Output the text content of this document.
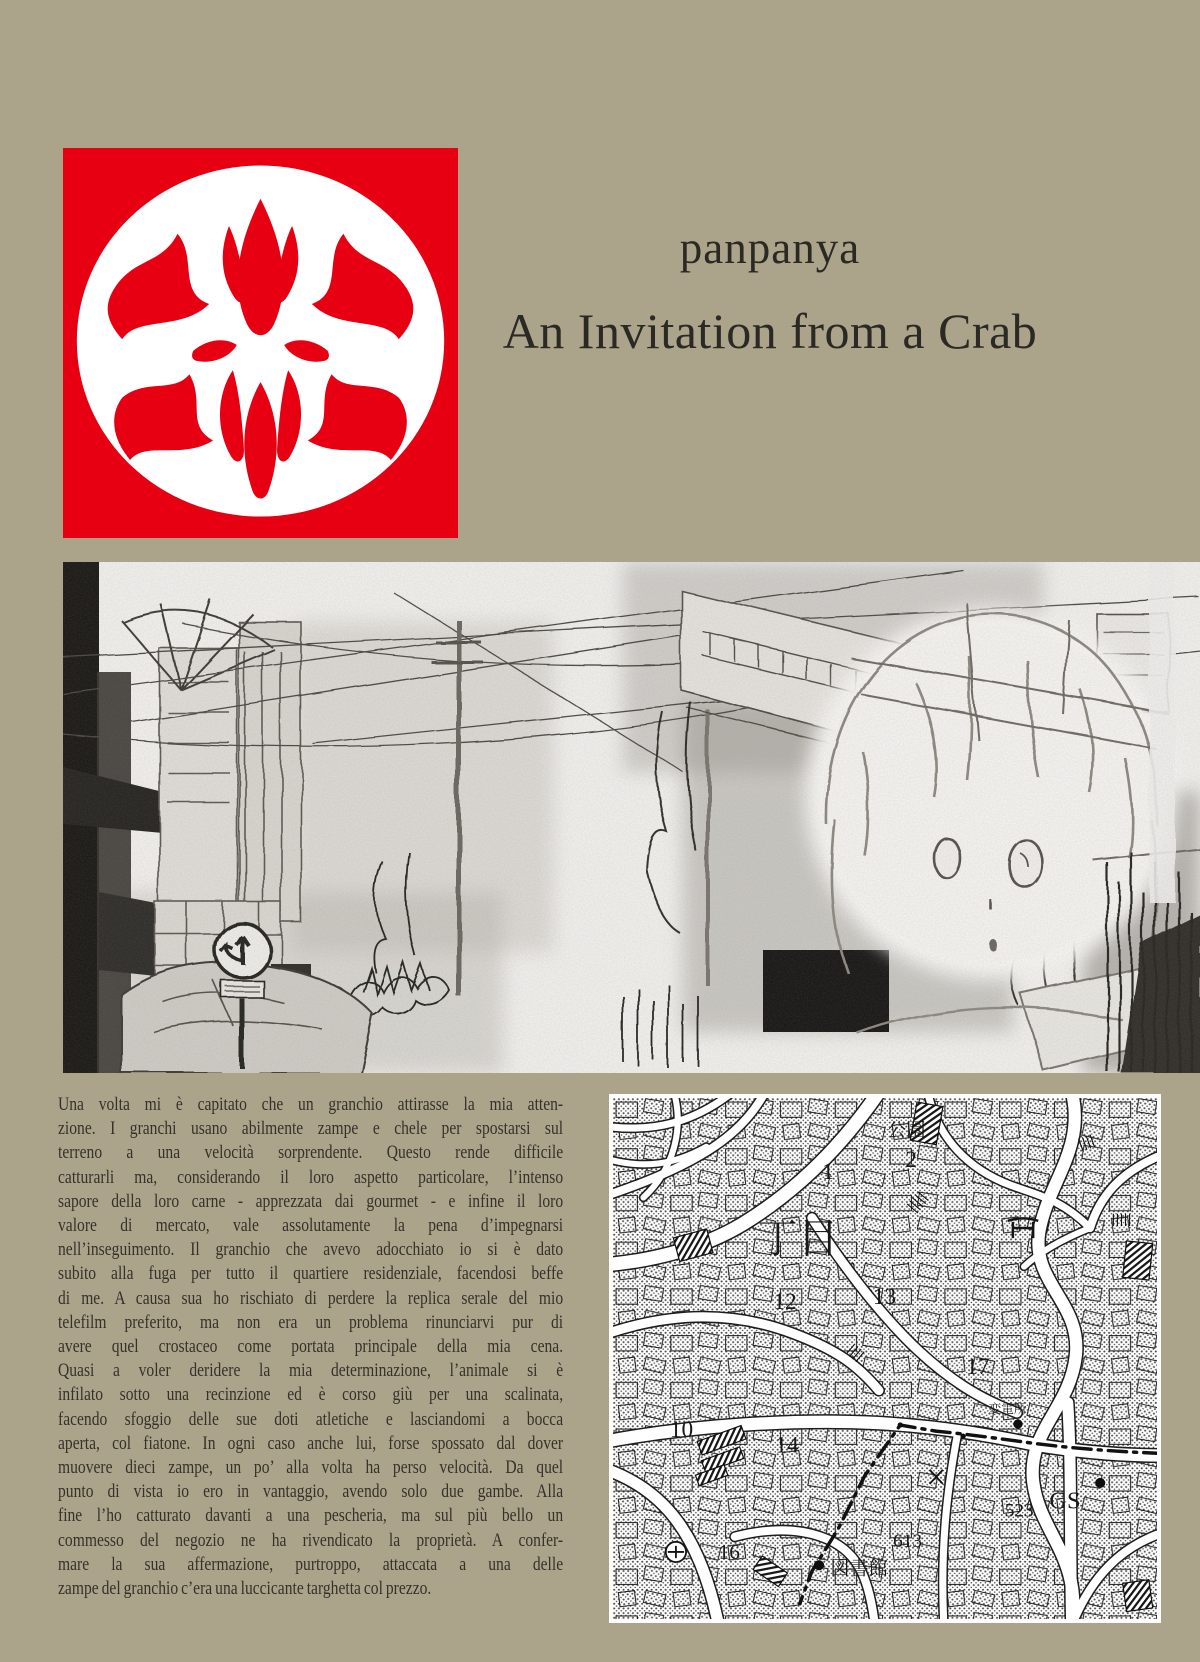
panpanya
An Invitation from a Crab
Una volta mi è capitato che un granchio attirasse la mia atten-
zione. I granchi usano abilmente zampe e chele per spostarsi sul
terreno a una velocità sorprendente. Questo rende difficile
catturarli ma, considerando il loro aspetto particolare, l’intenso
sapore della loro carne - apprezzata dai gourmet - e infine il loro
valore di mercato, vale assolutamente la pena d’impegnarsi
nell’inseguimento. Il granchio che avevo adocchiato io si è dato
subito alla fuga per tutto il quartiere residenziale, facendosi beffe
di me. A causa sua ho rischiato di perdere la replica serale del mio
telefilm preferito, ma non era un problema rinunciarvi pur di
avere quel crostaceo come portata principale della mia cena.
Quasi a voler deridere la mia determinazione, l’animale si è
infilato sotto una recinzione ed è corso giù per una scalinata,
facendo sfoggio delle sue doti atletiche e lasciandomi a bocca
aperta, col fiatone. In ogni caso anche lui, forse spossato dal dover
muovere dieci zampe, un po’ alla volta ha perso velocità. Da quel
punto di vista io ero in vantaggio, avendo solo due gambe. Alla
fine l’ho catturato davanti a una pescheria, ma sul più bello un
commesso del negozio ne ha rivendicato la proprietà. A confer-
mare la sua affermazione, purtroppo, attaccata a una delle
zampe del granchio c’era una luccicante targhetta col prezzo.
公園
2
1
丁目
12	13
17
10
14
変電所
523 GS
613
16
図書館
